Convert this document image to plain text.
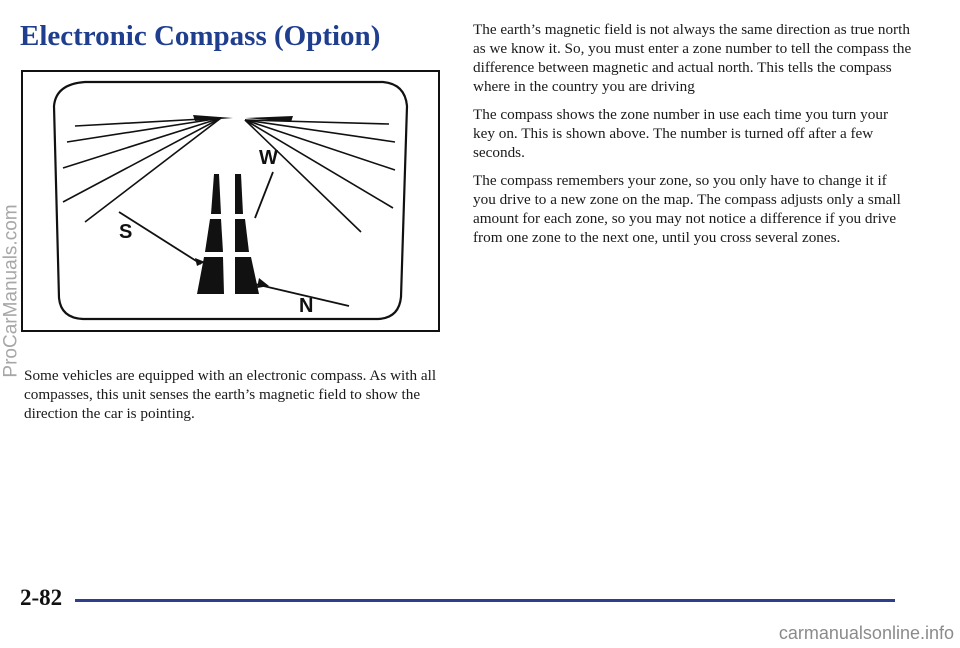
Electronic Compass (Option)
W
S
N

Some vehicles are equipped with an electronic compass. As with all compasses, this unit senses the earth’s magnetic field to show the direction the car is pointing.

The earth’s magnetic field is not always the same direction as true north as we know it. So, you must enter a zone number to tell the compass the difference between magnetic and actual north. This tells the compass where in the country you are driving

The compass shows the zone number in use each time you turn your key on. This is shown above. The number is turned off after a few seconds.

The compass remembers your zone, so you only have to change it if you drive to a new zone on the map. The compass adjusts only a small amount for each zone, so you may not notice a difference if you drive from one zone to the next one, until you cross several zones.

2-82
ProCarManuals.com
carmanualsonline.info
